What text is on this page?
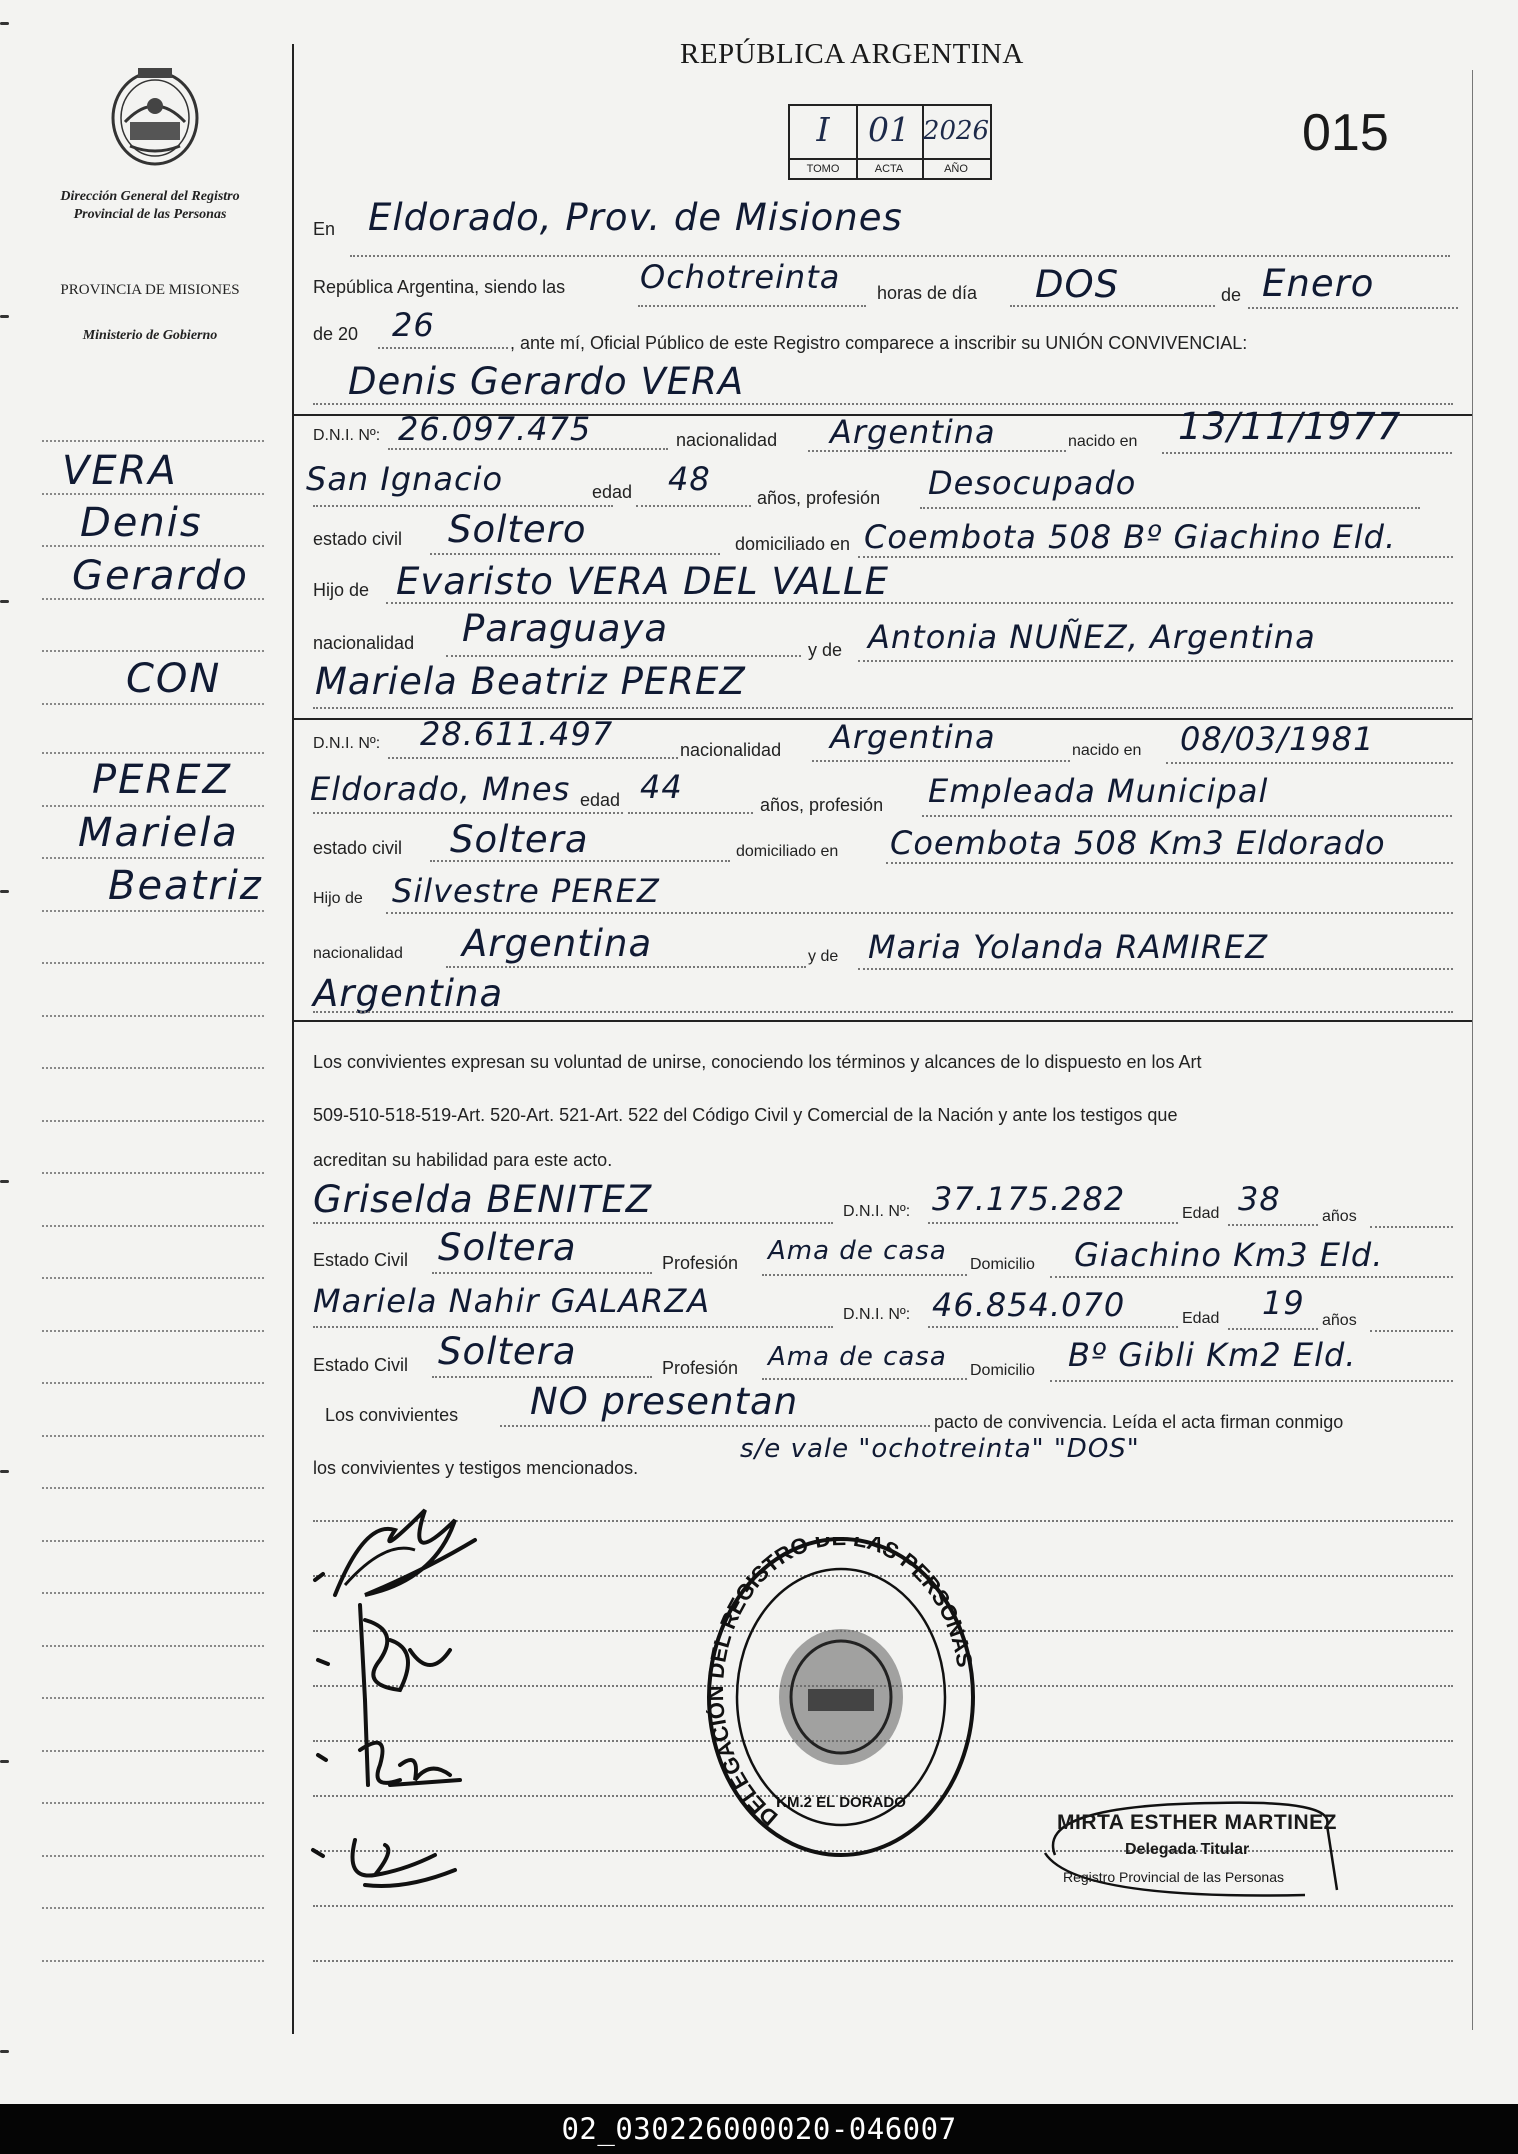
REPÚBLICA ARGENTINA
015
I
TOMO
01
ACTA
2026
AÑO
Dirección General del Registro Provincial de las Personas
PROVINCIA DE MISIONES
Ministerio de Gobierno
VERA
Denis
Gerardo
CON
PEREZ
Mariela
Beatriz
En Eldorado, Prov. de Misiones
República Argentina, siendo las Ochotreinta horas de día DOS	de Enero
de 20 26	, ante mí, Oficial Público de este Registro comparece a inscribir su UNIÓN CONVIVENCIAL:
Denis Gerardo VERA
D.N.I. Nº: 26.097.475	nacionalidad Argentina	nacido en 13/11/1977
San Ignacio	edad 48	años, profesión Desocupado
estado civil Soltero	domiciliado en Coembota 508 Bº Giachino Eld.
Hijo de Evaristo VERA DEL VALLE
nacionalidad Paraguaya	y de Antonia NUÑEZ, Argentina
Mariela Beatriz PEREZ
D.N.I. Nº: 28.611.497	nacionalidad Argentina	nacido en 08/03/1981
Eldorado, Mnes edad 44	años, profesión Empleada Municipal
estado civil Soltera	domiciliado en Coembota 508 Km3 Eldorado
Hijo de Silvestre PEREZ
nacionalidad Argentina	y de Maria Yolanda RAMIREZ
Argentina
Los convivientes expresan su voluntad de unirse, conociendo los términos y alcances de lo dispuesto en los Art
509-510-518-519-Art. 520-Art. 521-Art. 522 del Código Civil y Comercial de la Nación y ante los testigos que
acreditan su habilidad para este acto.
Griselda BENITEZ	D.N.I. Nº: 37.175.282	Edad 38	años
Estado Civil Soltera	Profesión Ama de casa Domicilio Giachino Km3 Eld.
Mariela Nahir GALARZA	D.N.I. Nº: 46.854.070	Edad 19 años
Estado Civil Soltera	Profesión Ama de casa Domicilio Bº Gibli Km2 Eld.
Los convivientes NO presentan	pacto de convivencia. Leída el acta firman conmigo
los convivientes y testigos mencionados.
s/e vale "ochotreinta" "DOS"
DELEGACI DEL REGISTRO DE LAS PERSONAS
KM.2 EL DORADO
MIRTA ESTHER MARTINEZ
Delegada Titular
Registro Provincial de las Personas
02_030226000020-046007
